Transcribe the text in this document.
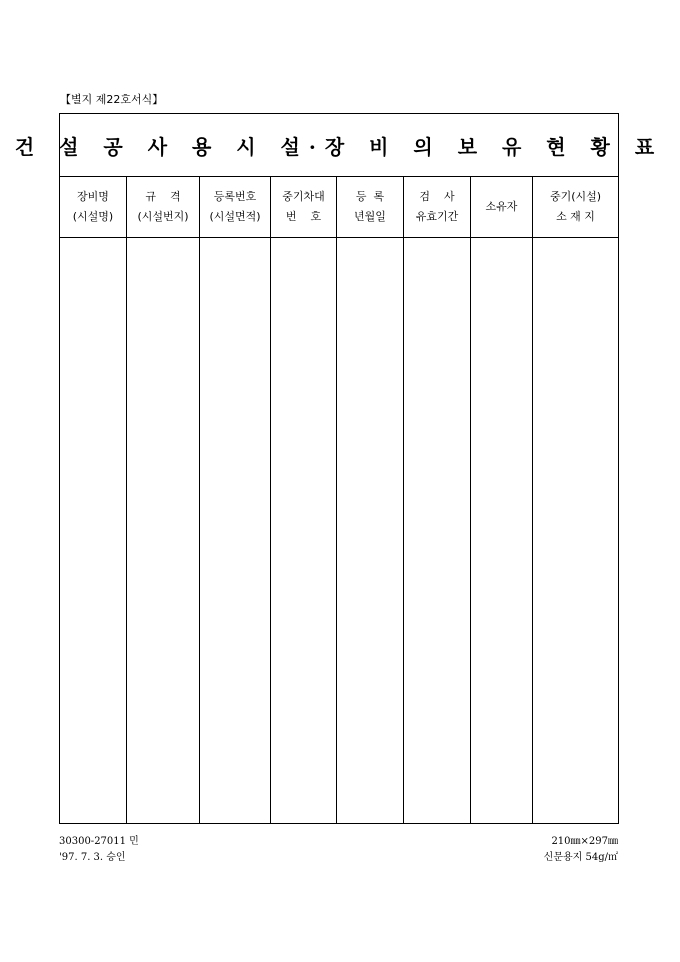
【별지 제22호서식】
건 설 공 사 용 시 설·장 비 의 보 유 현 황 표
장비명
(시설명)
규    격
(시설번지)
등록번호
(시설면적)
중기차대
번    호
등  록
년월일
검    사
유효기간
소유자
중기(시설)
소 재 지
30300-27011 민
'97. 7. 3. 승인
210㎜×297㎜
신문용지 54g/㎡
